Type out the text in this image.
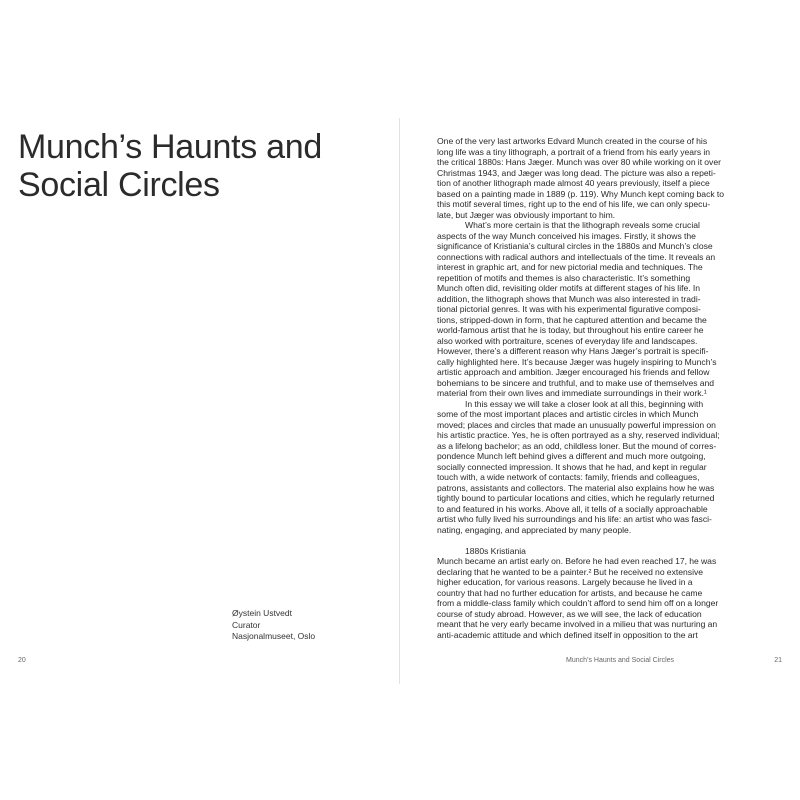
Munch’s Haunts and
Social Circles
Øystein Ustvedt
Curator
Nasjonalmuseet, Oslo
20
One of the very last artworks Edvard Munch created in the course of his
long life was a tiny lithograph, a portrait of a friend from his early years in
the critical 1880s: Hans Jæger. Munch was over 80 while working on it over
Christmas 1943, and Jæger was long dead. The picture was also a repeti-
tion of another lithograph made almost 40 years previously, itself a piece
based on a painting made in 1889 (p. 119). Why Munch kept coming back to
this motif several times, right up to the end of his life, we can only specu-
late, but Jæger was obviously important to him.
What’s more certain is that the lithograph reveals some crucial
aspects of the way Munch conceived his images. Firstly, it shows the
significance of Kristiania’s cultural circles in the 1880s and Munch’s close
connections with radical authors and intellectuals of the time. It reveals an
interest in graphic art, and for new pictorial media and techniques. The
repetition of motifs and themes is also characteristic. It’s something
Munch often did, revisiting older motifs at different stages of his life. In
addition, the lithograph shows that Munch was also interested in tradi-
tional pictorial genres. It was with his experimental figurative composi-
tions, stripped-down in form, that he captured attention and became the
world-famous artist that he is today, but throughout his entire career he
also worked with portraiture, scenes of everyday life and landscapes.
However, there’s a different reason why Hans Jæger’s portrait is specifi-
cally highlighted here. It’s because Jæger was hugely inspiring to Munch’s
artistic approach and ambition. Jæger encouraged his friends and fellow
bohemians to be sincere and truthful, and to make use of themselves and
material from their own lives and immediate surroundings in their work.¹
In this essay we will take a closer look at all this, beginning with
some of the most important places and artistic circles in which Munch
moved; places and circles that made an unusually powerful impression on
his artistic practice. Yes, he is often portrayed as a shy, reserved individual;
as a lifelong bachelor; as an odd, childless loner. But the mound of corres-
pondence Munch left behind gives a different and much more outgoing,
socially connected impression. It shows that he had, and kept in regular
touch with, a wide network of contacts: family, friends and colleagues,
patrons, assistants and collectors. The material also explains how he was
tightly bound to particular locations and cities, which he regularly returned
to and featured in his works. Above all, it tells of a socially approachable
artist who fully lived his surroundings and his life: an artist who was fasci-
nating, engaging, and appreciated by many people.
1880s Kristiania
Munch became an artist early on. Before he had even reached 17, he was
declaring that he wanted to be a painter.² But he received no extensive
higher education, for various reasons. Largely because he lived in a
country that had no further education for artists, and because he came
from a middle-class family which couldn’t afford to send him off on a longer
course of study abroad. However, as we will see, the lack of education
meant that he very early became involved in a milieu that was nurturing an
anti-academic attitude and which defined itself in opposition to the art
Munch’s Haunts and Social Circles	21
